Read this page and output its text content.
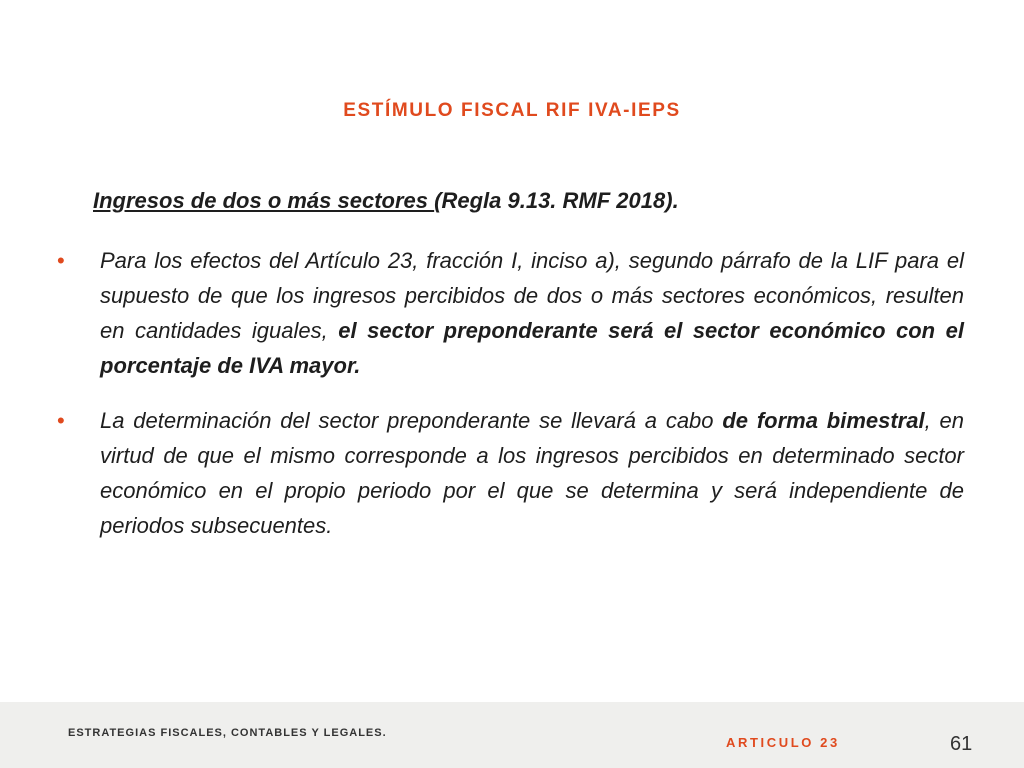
ESTÍMULO FISCAL RIF IVA-IEPS
Ingresos de dos o más sectores (Regla 9.13. RMF 2018).
• Para los efectos del Artículo 23, fracción I, inciso a), segundo párrafo de la LIF para el supuesto de que los ingresos percibidos de dos o más sectores económicos, resulten en cantidades iguales, el sector preponderante será el sector económico con el porcentaje de IVA mayor.
• La determinación del sector preponderante se llevará a cabo de forma bimestral, en virtud de que el mismo corresponde a los ingresos percibidos en determinado sector económico en el propio periodo por el que se determina y será independiente de periodos subsecuentes.
ESTRATEGIAS FISCALES, CONTABLES Y LEGALES.
ARTICULO 23	61
